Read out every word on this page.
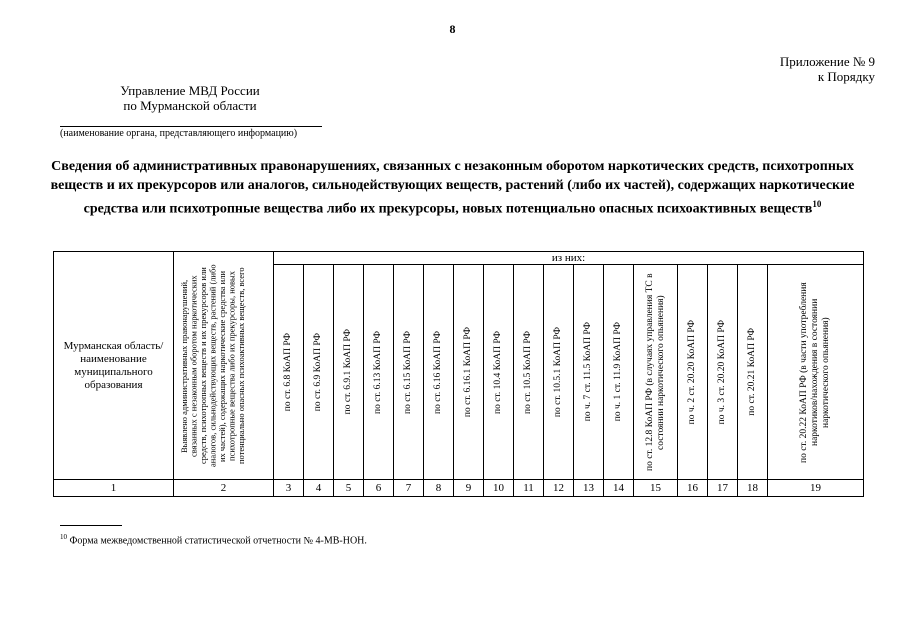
8
Приложение № 9
к Порядку
Управление МВД России
по Мурманской области
(наименование органа, представляющего информацию)
Сведения об административных правонарушениях, связанных с незаконным оборотом наркотических средств, психотропных веществ и их прекурсоров или аналогов, сильнодействующих веществ, растений (либо их частей), содержащих наркотические средства или психотропные вещества либо их прекурсоры, новых потенциально опасных психоактивных веществ$^{10}$
Мурманская область/наименование муниципального образования	Выявлено административных правонарушений, связанных с незаконным оборотом наркотических средств, психотропных веществ и их прекурсоров или аналогов, сильнодействующих веществ, растений (либо их частей), содержащих наркотические средства или психотропные вещества либо их прекурсоры, новых потенциально опасных психоактивных веществ, всего	из них:																

		по ст. 6.8 КоАП РФ	по ст. 6.9 КоАП РФ	по ст. 6.9.1 КоАП РФ	по ст. 6.13 КоАП РФ	по ст. 6.15 КоАП РФ	по ст. 6.16 КоАП РФ	по ст. 6.16.1 КоАП РФ	по ст. 10.4 КоАП РФ	по ст. 10.5 КоАП РФ	по ст. 10.5.1 КоАП РФ	по ч. 7 ст. 11.5 КоАП РФ	по ч. 1 ст. 11.9 КоАП РФ	по ст. 12.8 КоАП РФ (в случаях управления ТС в состоянии наркотического опьянения)	по ч. 2 ст. 20.20 КоАП РФ	по ч. 3 ст. 20.20 КоАП РФ	по ст. 20.21 КоАП РФ	по ст. 20.22 КоАП РФ (в части употребления наркотиков/нахождения в состоянии наркотического опьянения)

1	2	3	4	5	6	7	8	9	10	11	12	13	14	15	16	17	18	19
$^{10}$ Форма межведомственной статистической отчетности № 4-МВ-НОН.
